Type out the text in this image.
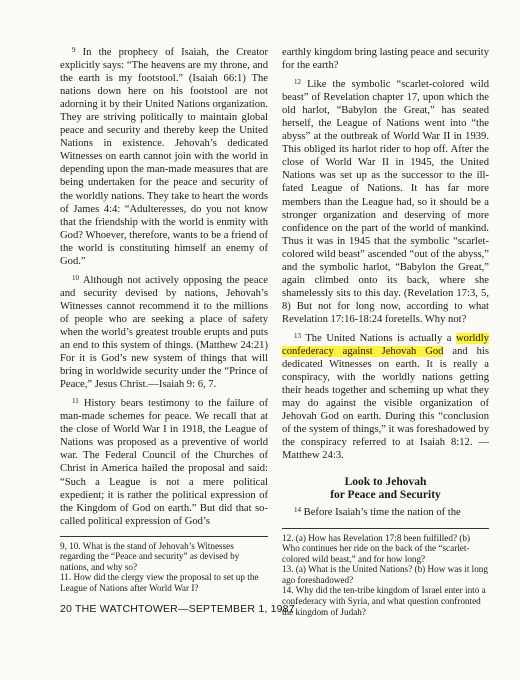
$^9$ In the prophecy of Isaiah, the Creator explicitly says: “The heavens are my throne, and the earth is my footstool.” (Isaiah 66:1) The nations down here on his footstool are not adorning it by their United Nations organization. They are striving politically to maintain global peace and security and thereby keep the United Nations in existence. Jehovah’s dedicated Witnesses on earth cannot join with the world in depending upon the man-made measures that are being undertaken for the peace and security of the worldly nations. They take to heart the words of James 4:4: “Adulteresses, do you not know that the friendship with the world is enmity with God? Whoever, therefore, wants to be a friend of the world is constituting himself an enemy of God.”

$^{10}$ Although not actively opposing the peace and security devised by nations, Jehovah’s Witnesses cannot recommend it to the millions of people who are seeking a place of safety when the world’s greatest trouble erupts and puts an end to this system of things. (Matthew 24:21) For it is God’s new system of things that will bring in worldwide security under the “Prince of Peace,” Jesus Christ.—Isaiah 9: 6, 7.

$^{11}$ History bears testimony to the failure of man-made schemes for peace. We recall that at the close of World War I in 1918, the League of Nations was proposed as a preventive of world war. The Federal Council of the Churches of Christ in America hailed the proposal and said: “Such a League is not a mere political expedient; it is rather the political expression of the Kingdom of God on earth.” But did that so-called political expression of God’s

9, 10. What is the stand of Jehovah’s Witnesses regarding the “Peace and security” as devised by nations, and why so?

11. How did the clergy view the proposal to set up the League of Nations after World War I?

earthly kingdom bring lasting peace and security for the earth?

$^{12}$ Like the symbolic “scarlet-colored wild beast” of Revelation chapter 17, upon which the old harlot, “Babylon the Great,” has seated herself, the League of Nations went into “the abyss” at the outbreak of World War II in 1939. This obliged its harlot rider to hop off. After the close of World War II in 1945, the United Nations was set up as the successor to the ill-fated League of Nations. It has far more members than the League had, so it should be a stronger organization and deserving of more confidence on the part of the world of mankind. Thus it was in 1945 that the symbolic “scarlet-colored wild beast” ascended “out of the abyss,” and the symbolic harlot, “Babylon the Great,” again climbed onto its back, where she shamelessly sits to this day. (Revelation 17:3, 5, 8) But not for long now, according to what Revelation 17:16-18:24 foretells. Why not?

$^{13}$ The United Nations is actually a worldly confederacy against Jehovah God and his dedicated Witnesses on earth. It is really a conspiracy, with the worldly nations getting their heads together and scheming up what they may do against the visible organization of Jehovah God on earth. During this “conclusion of the system of things,” it was foreshadowed by the conspiracy referred to at Isaiah 8:12. —Matthew 24:3.

Look to Jehovah
for Peace and Security

$^{14}$ Before Isaiah’s time the nation of the

12. (a) How has Revelation 17:8 been fulfilled? (b) Who continues her ride on the back of the “scarlet-colored wild beast,” and for how long?

13. (a) What is the United Nations? (b) How was it long ago foreshadowed?

14. Why did the ten-tribe kingdom of Israel enter into a confederacy with Syria, and what question confronted the kingdom of Judah?

20 THE WATCHTOWER—SEPTEMBER 1, 1987
